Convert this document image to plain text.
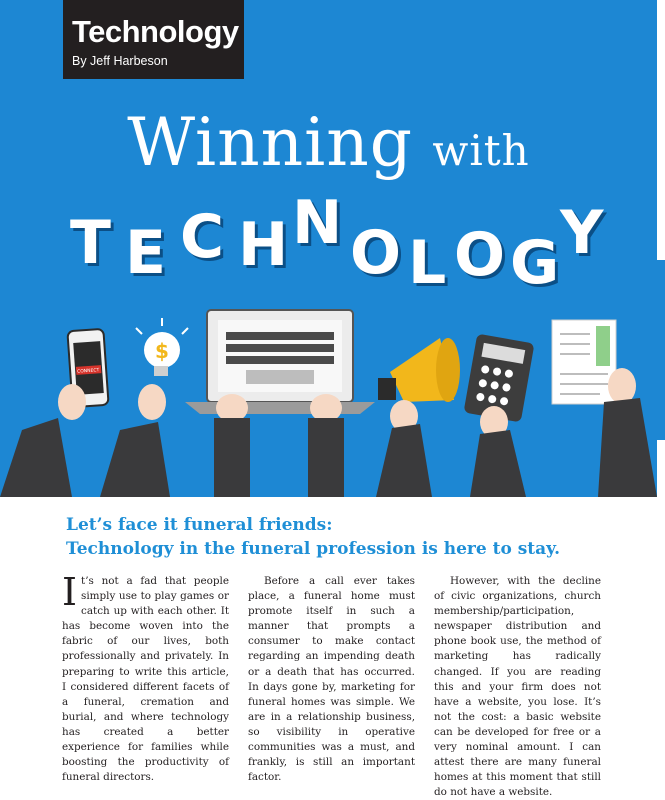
Technology
By Jeff Harbeson
Winning with
T E C H N O L O G Y
CONNECT
$
Let’s face it funeral friends:
Technology in the funeral profession is here to stay.

It’s not a fad that people simply use to play games or catch up with each other. It has become woven into the fabric of our lives, both professionally and privately. In preparing to write this article, I considered different facets of a funeral, cremation and burial, and where technology has created a better experience for families while boosting the productivity of funeral directors.

Before a call ever takes place, a funeral home must promote itself in such a manner that prompts a consumer to make contact regarding an impending death or a death that has occurred. In days gone by, marketing for funeral homes was simple. We are in a relationship business, so visibility in operative communities was a must, and frankly, is still an important factor.

However, with the decline of civic organizations, church membership/participation, newspaper distribution and phone book use, the method of marketing has radically changed. If you are reading this and your firm does not have a website, you lose. It’s not the cost: a basic website can be developed for free or a very nominal amount. I can attest there are many funeral homes at this moment that still do not have a website.
